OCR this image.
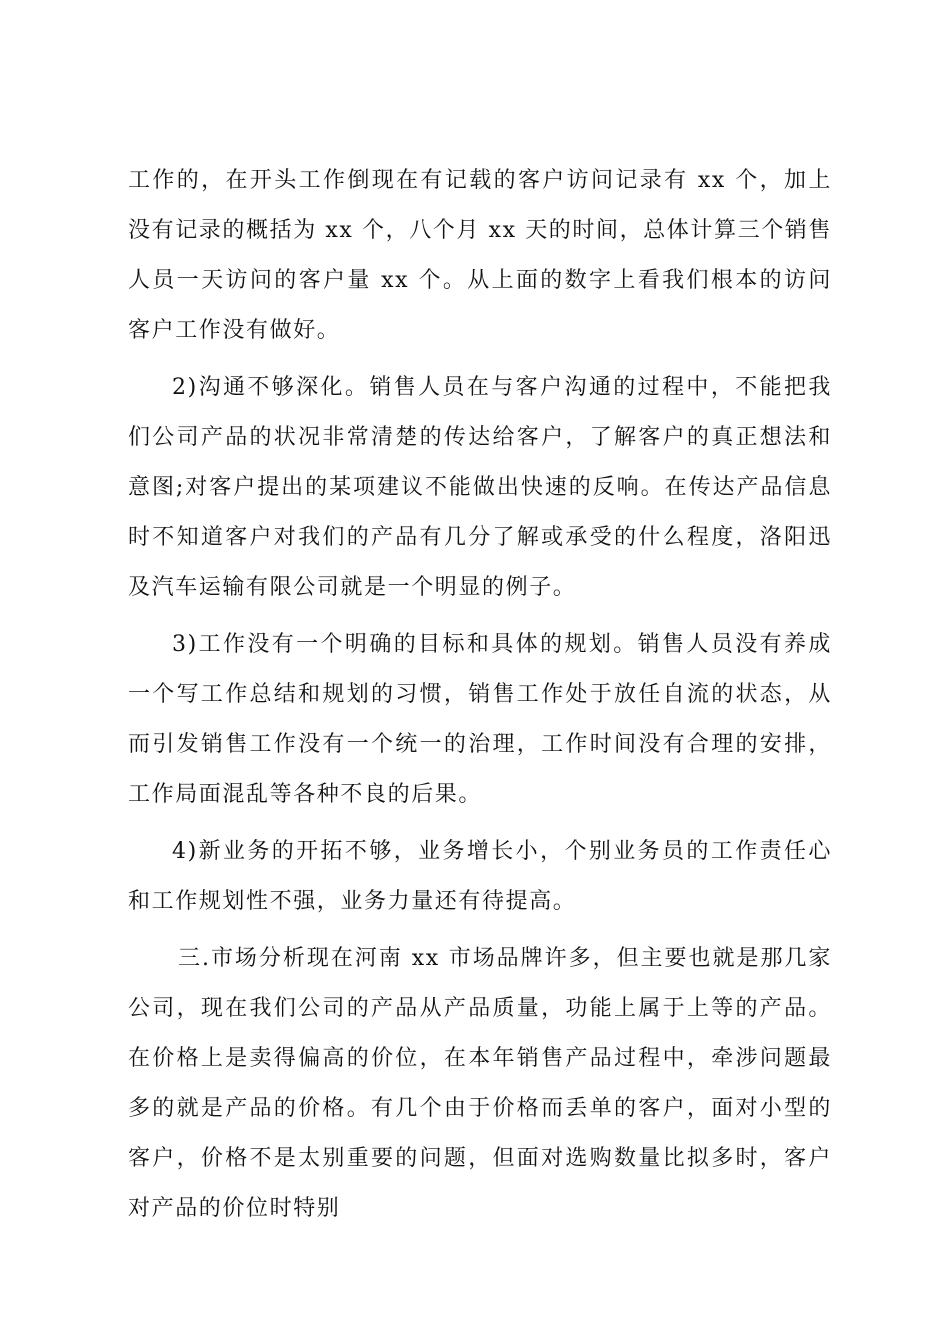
工作的，在开头工作倒现在有记载的客户访问记录有 xx 个，加上没有记录的概括为 xx 个，八个月 xx 天的时间，总体计算三个销售人员一天访问的客户量 xx 个。从上面的数字上看我们根本的访问客户工作没有做好。

2)沟通不够深化。销售人员在与客户沟通的过程中，不能把我们公司产品的状况非常清楚的传达给客户，了解客户的真正想法和意图;对客户提出的某项建议不能做出快速的反响。在传达产品信息时不知道客户对我们的产品有几分了解或承受的什么程度，洛阳迅及汽车运输有限公司就是一个明显的例子。

3)工作没有一个明确的目标和具体的规划。销售人员没有养成一个写工作总结和规划的习惯，销售工作处于放任自流的状态，从而引发销售工作没有一个统一的治理，工作时间没有合理的安排，工作局面混乱等各种不良的后果。

4)新业务的开拓不够，业务增长小，个别业务员的工作责任心和工作规划性不强，业务力量还有待提高。

三.市场分析现在河南 xx 市场品牌许多，但主要也就是那几家公司，现在我们公司的产品从产品质量，功能上属于上等的产品。在价格上是卖得偏高的价位，在本年销售产品过程中，牵涉问题最多的就是产品的价格。有几个由于价格而丢单的客户，面对小型的客户，价格不是太别重要的问题，但面对选购数量比拟多时，客户对产品的价位时特别
